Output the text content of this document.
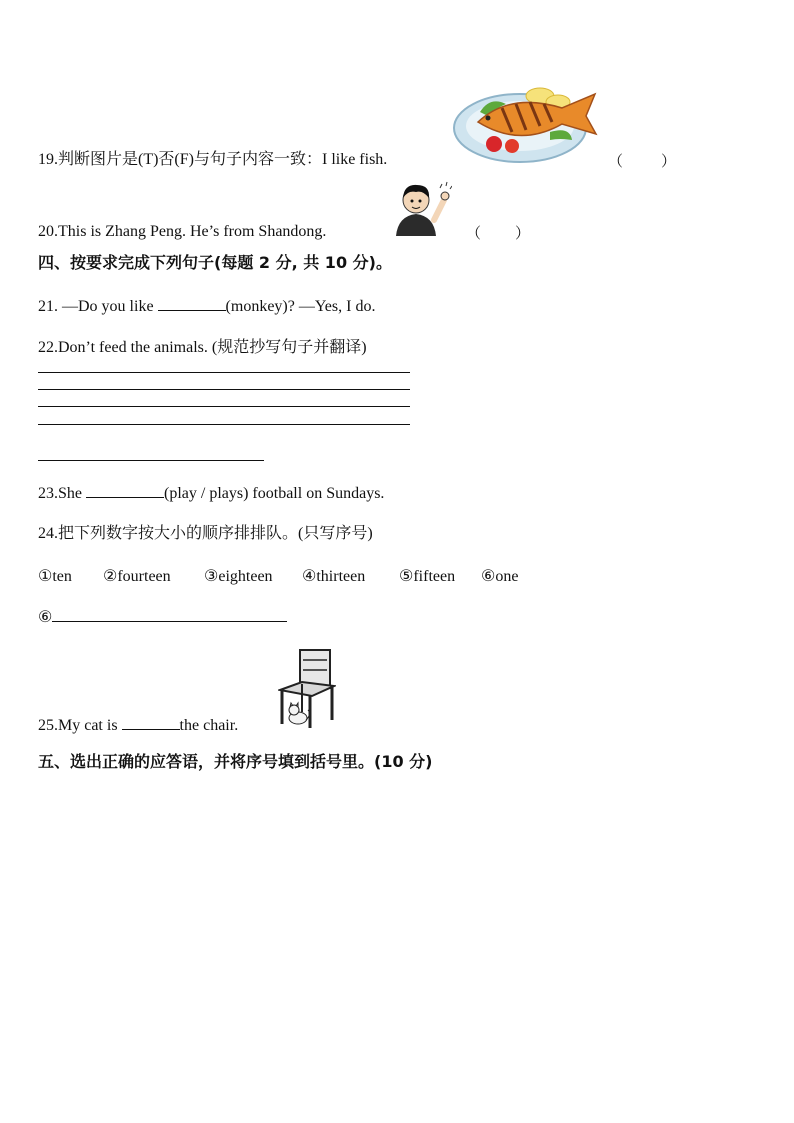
19.判断图片是(T)否(F)与句子内容一致：I like fish.	（	）
20.This is Zhang Peng. He’s from Shandong.	（ ）
四、按要求完成下列句子(每题 2 分, 共 10 分)。
21. —Do you like	(monkey)? —Yes, I do.
22.Don’t feed the animals. (规范抄写句子并翻译)
23.She	(play / plays) football on Sundays.
24.把下列数字按大小的顺序排排队。(只写序号)
①ten ②fourteen ③eighteen ④thirteen ⑤fifteen ⑥one
⑥
25.My cat is	the chair.
五、选出正确的应答语，并将序号填到括号里。(10 分)
